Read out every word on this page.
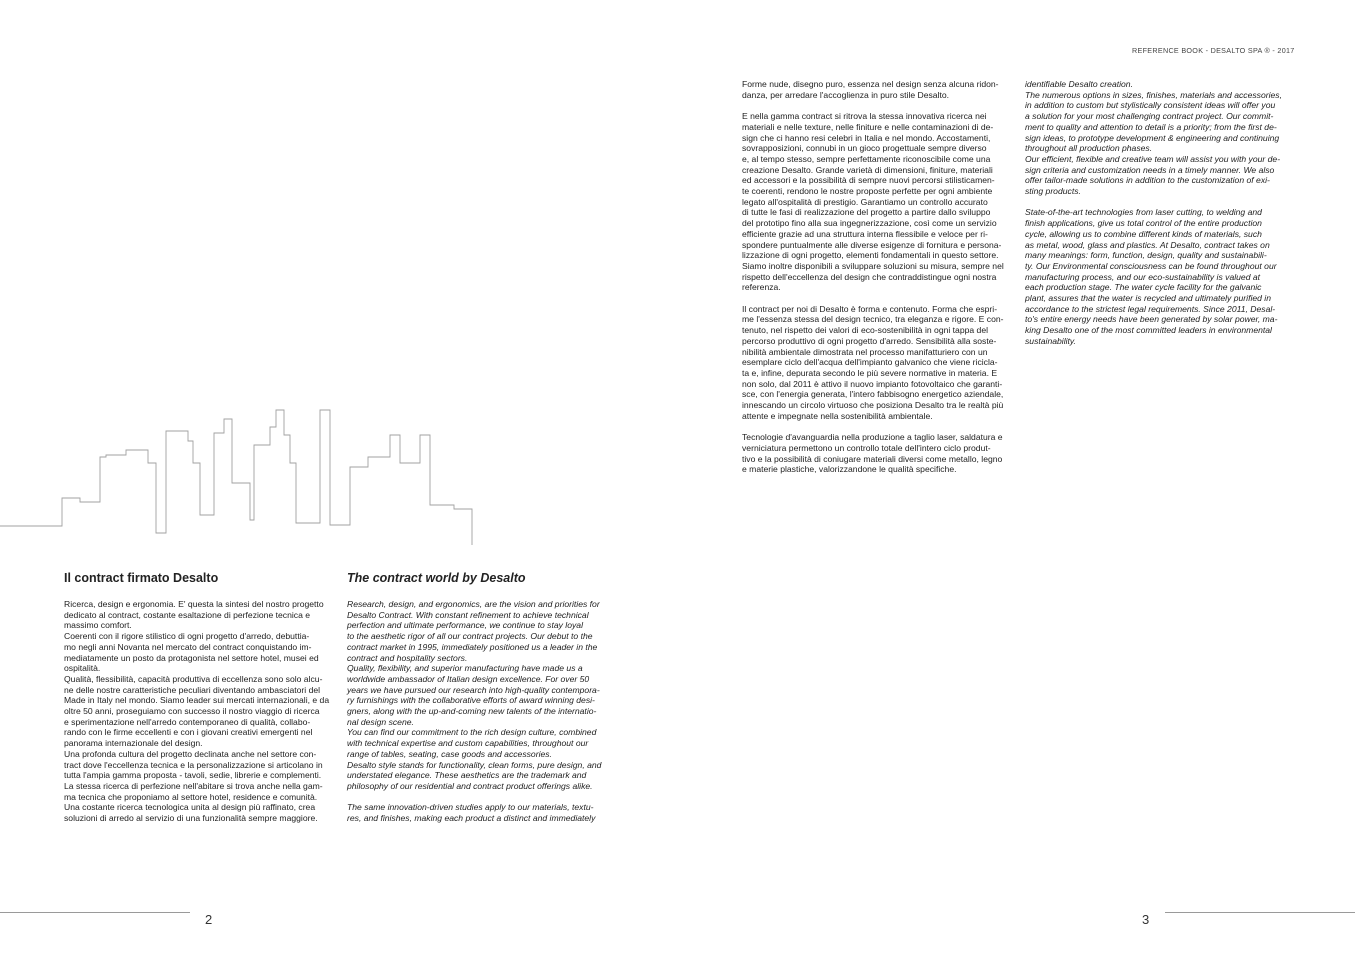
REFERENCE BOOK - DESALTO SPA ® - 2017
Il contract firmato Desalto

Ricerca, design e ergonomia. E' questa la sintesi del nostro progetto
dedicato al contract, costante esaltazione di perfezione tecnica e
massimo comfort.

Coerenti con il rigore stilistico di ogni progetto d'arredo, debuttia-
mo negli anni Novanta nel mercato del contract conquistando im-
mediatamente un posto da protagonista nel settore hotel, musei ed
ospitalità.

Qualità, flessibilità, capacità produttiva di eccellenza sono solo alcu-
ne delle nostre caratteristiche peculiari diventando ambasciatori del
Made in Italy nel mondo. Siamo leader sui mercati internazionali, e da
oltre 50 anni, proseguiamo con successo il nostro viaggio di ricerca
e sperimentazione nell'arredo contemporaneo di qualità, collabo-
rando con le firme eccellenti e con i giovani creativi emergenti nel
panorama internazionale del design.

Una profonda cultura del progetto declinata anche nel settore con-
tract dove l'eccellenza tecnica e la personalizzazione si articolano in
tutta l'ampia gamma proposta - tavoli, sedie, librerie e complementi.
La stessa ricerca di perfezione nell'abitare si trova anche nella gam-
ma tecnica che proponiamo al settore hotel, residence e comunità.
Una costante ricerca tecnologica unita al design più raffinato, crea
soluzioni di arredo al servizio di una funzionalità sempre maggiore.

The contract world by Desalto

Research, design, and ergonomics, are the vision and priorities for
Desalto Contract. With constant refinement to achieve technical
perfection and ultimate performance, we continue to stay loyal
to the aesthetic rigor of all our contract projects. Our debut to the
contract market in 1995, immediately positioned us a leader in the
contract and hospitality sectors.

Quality, flexibility, and superior manufacturing have made us a
worldwide ambassador of Italian design excellence. For over 50
years we have pursued our research into high-quality contempora-
ry furnishings with the collaborative efforts of award winning desi-
gners, along with the up-and-coming new talents of the internatio-
nal design scene.

You can find our commitment to the rich design culture, combined
with technical expertise and custom capabilities, throughout our
range of tables, seating, case goods and accessories.

Desalto style stands for functionality, clean forms, pure design, and
understated elegance. These aesthetics are the trademark and
philosophy of our residential and contract product offerings alike.

The same innovation-driven studies apply to our materials, textu-
res, and finishes, making each product a distinct and immediately

Forme nude, disegno puro, essenza nel design senza alcuna ridon-
danza, per arredare l'accoglienza in puro stile Desalto.

E nella gamma contract si ritrova la stessa innovativa ricerca nei
materiali e nelle texture, nelle finiture e nelle contaminazioni di de-
sign che ci hanno resi celebri in Italia e nel mondo. Accostamenti,
sovrapposizioni, connubi in un gioco progettuale sempre diverso
e, al tempo stesso, sempre perfettamente riconoscibile come una
creazione Desalto. Grande varietà di dimensioni, finiture, materiali
ed accessori e la possibilità di sempre nuovi percorsi stilisticamen-
te coerenti, rendono le nostre proposte perfette per ogni ambiente
legato all'ospitalità di prestigio. Garantiamo un controllo accurato
di tutte le fasi di realizzazione del progetto a partire dallo sviluppo
del prototipo fino alla sua ingegnerizzazione, così come un servizio
efficiente grazie ad una struttura interna flessibile e veloce per ri-
spondere puntualmente alle diverse esigenze di fornitura e persona-
lizzazione di ogni progetto, elementi fondamentali in questo settore.
Siamo inoltre disponibili a sviluppare soluzioni su misura, sempre nel
rispetto dell'eccellenza del design che contraddistingue ogni nostra
referenza.

Il contract per noi di Desalto è forma e contenuto. Forma che espri-
me l'essenza stessa del design tecnico, tra eleganza e rigore. E con-
tenuto, nel rispetto dei valori di eco-sostenibilità in ogni tappa del
percorso produttivo di ogni progetto d'arredo. Sensibilità alla soste-
nibilità ambientale dimostrata nel processo manifatturiero con un
esemplare ciclo dell'acqua dell'impianto galvanico che viene ricicla-
ta e, infine, depurata secondo le più severe normative in materia. E
non solo, dal 2011 è attivo il nuovo impianto fotovoltaico che garanti-
sce, con l'energia generata, l'intero fabbisogno energetico aziendale,
innescando un circolo virtuoso che posiziona Desalto tra le realtà più
attente e impegnate nella sostenibilità ambientale.

Tecnologie d'avanguardia nella produzione a taglio laser, saldatura e
verniciatura permettono un controllo totale dell'intero ciclo produt-
tivo e la possibilità di coniugare materiali diversi come metallo, legno
e materie plastiche, valorizzandone le qualità specifiche.

identifiable Desalto creation.

The numerous options in sizes, finishes, materials and accessories,
in addition to custom but stylistically consistent ideas will offer you
a solution for your most challenging contract project. Our commit-
ment to quality and attention to detail is a priority; from the first de-
sign ideas, to prototype development & engineering and continuing
throughout all production phases.

Our efficient, flexible and creative team will assist you with your de-
sign criteria and customization needs in a timely manner. We also
offer tailor-made solutions in addition to the customization of exi-
sting products.

State-of-the-art technologies from laser cutting, to welding and
finish applications, give us total control of the entire production
cycle, allowing us to combine different kinds of materials, such
as metal, wood, glass and plastics. At Desalto, contract takes on
many meanings: form, function, design, quality and sustainabili-
ty. Our Environmental consciousness can be found throughout our
manufacturing process, and our eco-sustainability is valued at
each production stage. The water cycle facility for the galvanic
plant, assures that the water is recycled and ultimately purified in
accordance to the strictest legal requirements. Since 2011, Desal-
to's entire energy needs have been generated by solar power, ma-
king Desalto one of the most committed leaders in environmental
sustainability.

2	3
